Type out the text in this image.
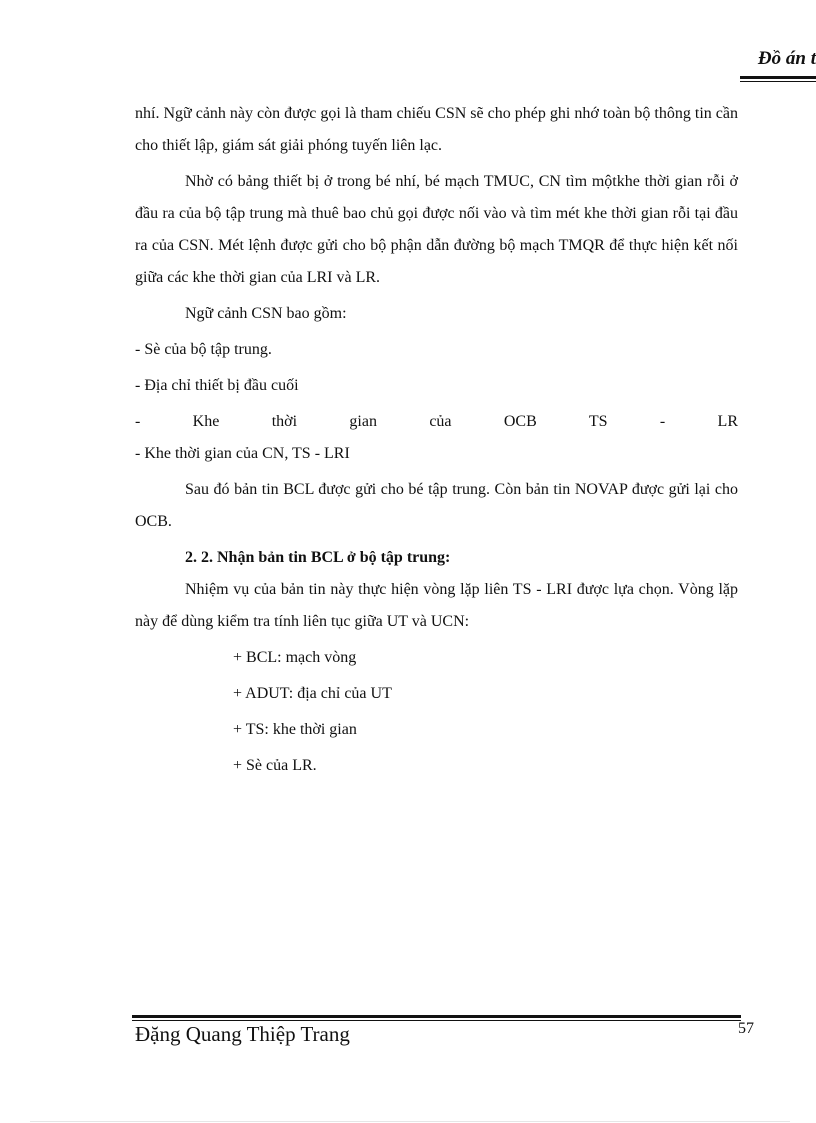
Đồ án t

nhí. Ngữ cảnh này còn được gọi là tham chiếu CSN sẽ cho phép ghi nhớ toàn bộ thông tin cần cho thiết lập, giám sát giải phóng tuyến liên lạc.

Nhờ có bảng thiết bị ở trong bé nhí, bé mạch TMUC, CN tìm mộtkhe thời gian rỗi ở đầu ra của bộ tập trung mà thuê bao chủ gọi được nối vào và tìm mét khe thời gian rỗi tại đầu ra của CSN. Mét lệnh được gửi cho bộ phận dẫn đường bộ mạch TMQR để thực hiện kết nối giữa các khe thời gian của LRI và LR.

Ngữ cảnh CSN bao gồm:

- Sè của bộ tập trung.

- Địa chỉ thiết bị đầu cuối

- Khe thời gian của OCB TS - LR

- Khe thời gian của CN, TS - LRI

Sau đó bản tin BCL được gửi cho bé tập trung. Còn bản tin NOVAP được gửi lại cho OCB.

2. 2. Nhận bản tin BCL ở bộ tập trung:

Nhiệm vụ của bản tin này thực hiện vòng lặp liên TS - LRI được lựa chọn. Vòng lặp này để dùng kiểm tra tính liên tục giữa UT và UCN:

+ BCL: mạch vòng

+ ADUT: địa chỉ của UT

+ TS: khe thời gian

+ Sè của LR.

Đặng Quang Thiệp Trang	57
